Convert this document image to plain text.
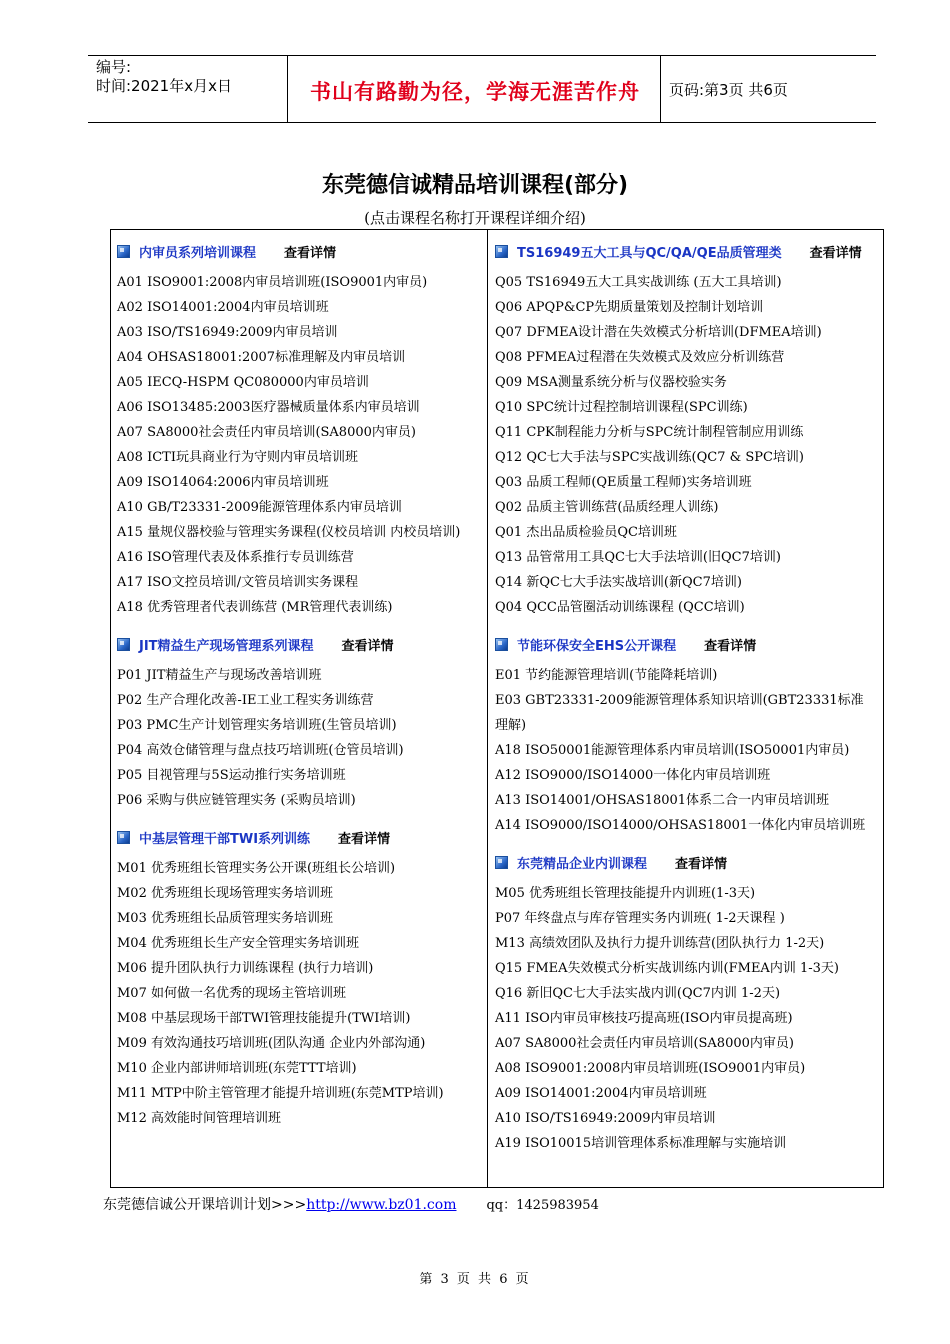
编号:
时间:2021年x月x日	书山有路勤为径，学海无涯苦作舟	页码:第3页 共6页
东莞德信诚精品培训课程(部分)
(点击课程名称打开课程详细介绍)
内审员系列培训课程 查看详情
A01 ISO9001:2008内审员培训班(ISO9001内审员)
A02 ISO14001:2004内审员培训班
A03 ISO/TS16949:2009内审员培训
A04 OHSAS18001:2007标准理解及内审员培训
A05 IECQ-HSPM QC080000内审员培训
A06 ISO13485:2003医疗器械质量体系内审员培训
A07 SA8000社会责任内审员培训(SA8000内审员)
A08 ICTI玩具商业行为守则内审员培训班
A09 ISO14064:2006内审员培训班
A10 GB/T23331-2009能源管理体系内审员培训
A15 量规仪器校验与管理实务课程(仪校员培训 内校员培训)
A16 ISO管理代表及体系推行专员训练营
A17 ISO文控员培训/文管员培训实务课程
A18 优秀管理者代表训练营 (MR管理代表训练)
JIT精益生产现场管理系列课程 查看详情
P01 JIT精益生产与现场改善培训班
P02 生产合理化改善-IE工业工程实务训练营
P03 PMC生产计划管理实务培训班(生管员培训)
P04 高效仓储管理与盘点技巧培训班(仓管员培训)
P05 目视管理与5S运动推行实务培训班
P06 采购与供应链管理实务 (采购员培训)
中基层管理干部TWI系列训练 查看详情
M01 优秀班组长管理实务公开课(班组长公培训)
M02 优秀班组长现场管理实务培训班
M03 优秀班组长品质管理实务培训班
M04 优秀班组长生产安全管理实务培训班
M06 提升团队执行力训练课程 (执行力培训)
M07 如何做一名优秀的现场主管培训班
M08 中基层现场干部TWI管理技能提升(TWI培训)
M09 有效沟通技巧培训班(团队沟通 企业内外部沟通)
M10 企业内部讲师培训班(东莞TTT培训)
M11 MTP中阶主管管理才能提升培训班(东莞MTP培训)
M12 高效能时间管理培训班
TS16949五大工具与QC/QA/QE品质管理类 查看详情
Q05 TS16949五大工具实战训练 (五大工具培训)
Q06 APQP&CP先期质量策划及控制计划培训
Q07 DFMEA设计潜在失效模式分析培训(DFMEA培训)
Q08 PFMEA过程潜在失效模式及效应分析训练营
Q09 MSA测量系统分析与仪器校验实务
Q10 SPC统计过程控制培训课程(SPC训练)
Q11 CPK制程能力分析与SPC统计制程管制应用训练
Q12 QC七大手法与SPC实战训练(QC7 & SPC培训)
Q03 品质工程师(QE质量工程师)实务培训班
Q02 品质主管训练营(品质经理人训练)
Q01 杰出品质检验员QC培训班
Q13 品管常用工具QC七大手法培训(旧QC7培训)
Q14 新QC七大手法实战培训(新QC7培训)
Q04 QCC品管圈活动训练课程 (QCC培训)
节能环保安全EHS公开课程 查看详情
E01 节约能源管理培训(节能降耗培训)
E03 GBT23331-2009能源管理体系知识培训(GBT23331标准理解)
A18 ISO50001能源管理体系内审员培训(ISO50001内审员)
A12 ISO9000/ISO14000一体化内审员培训班
A13 ISO14001/OHSAS18001体系二合一内审员培训班
A14 ISO9000/ISO14000/OHSAS18001一体化内审员培训班
东莞精品企业内训课程 查看详情
M05 优秀班组长管理技能提升内训班(1-3天)
P07 年终盘点与库存管理实务内训班( 1-2天课程 )
M13 高绩效团队及执行力提升训练营(团队执行力 1-2天)
Q15 FMEA失效模式分析实战训练内训(FMEA内训 1-3天)
Q16 新旧QC七大手法实战内训(QC7内训 1-2天)
A11 ISO内审员审核技巧提高班(ISO内审员提高班)
A07 SA8000社会责任内审员培训(SA8000内审员)
A08 ISO9001:2008内审员培训班(ISO9001内审员)
A09 ISO14001:2004内审员培训班
A10 ISO/TS16949:2009内审员培训
A19 ISO10015培训管理体系标准理解与实施培训
东莞德信诚公开课培训计划>>>http://www.bz01.com qq：1425983954
第 3 页 共 6 页
